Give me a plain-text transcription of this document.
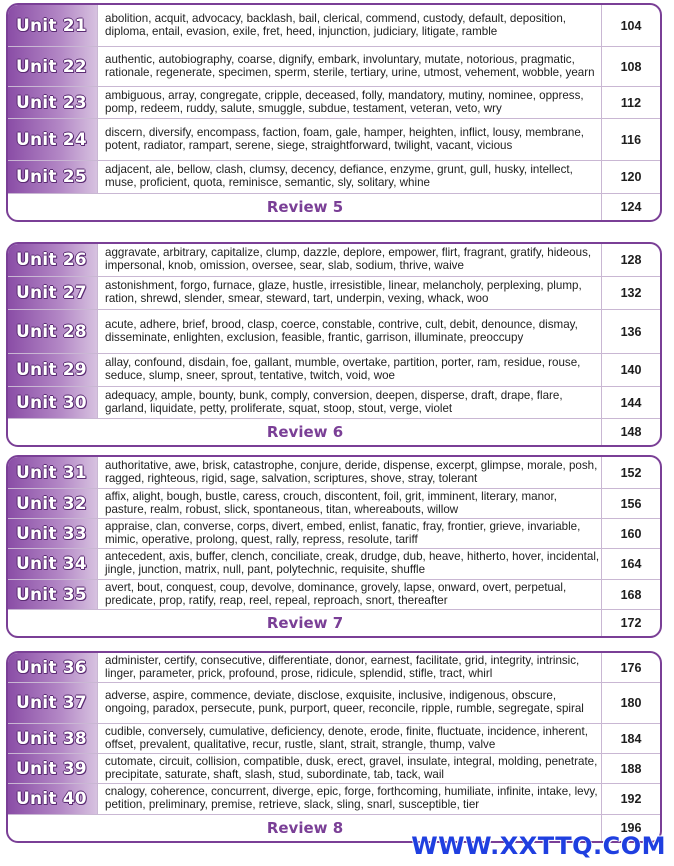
Unit 21 abolition, acquit, advocacy, backlash, bail, clerical, commend, custody, default, deposition, diploma, entail, evasion, exile, fret, heed, injunction, judiciary, litigate, ramble	104
Unit 22 authentic, autobiography, coarse, dignify, embark, involuntary, mutate, notorious, pragmatic, rationale, regenerate, specimen, sperm, sterile, tertiary, urine, utmost, vehement, wobble, yearn	108
Unit 23 ambiguous, array, congregate, cripple, deceased, folly, mandatory, mutiny, nominee, oppress, pomp, redeem, ruddy, salute, smuggle, subdue, testament, veteran, veto, wry	112
Unit 24 discern, diversify, encompass, faction, foam, gale, hamper, heighten, inflict, lousy, membrane, potent, radiator, rampart, serene, siege, straightforward, twilight, vacant, vicious	116
Unit 25 adjacent, ale, bellow, clash, clumsy, decency, defiance, enzyme, grunt, gull, husky, intellect, muse, proficient, quota, reminisce, semantic, sly, solitary, whine	120
Review 5	124
Unit 26 aggravate, arbitrary, capitalize, clump, dazzle, deplore, empower, flirt, fragrant, gratify, hideous, impersonal, knob, omission, oversee, sear, slab, sodium, thrive, waive	128
Unit 27 astonishment, forgo, furnace, glaze, hustle, irresistible, linear, melancholy, perplexing, plump, ration, shrewd, slender, smear, steward, tart, underpin, vexing, whack, woo	132
Unit 28 acute, adhere, brief, brood, clasp, coerce, constable, contrive, cult, debit, denounce, dismay, disseminate, enlighten, exclusion, feasible, frantic, garrison, illuminate, preoccupy	136
Unit 29 allay, confound, disdain, foe, gallant, mumble, overtake, partition, porter, ram, residue, rouse, seduce, slump, sneer, sprout, tentative, twitch, void, woe	140
Unit 30 adequacy, ample, bounty, bunk, comply, conversion, deepen, disperse, draft, drape, flare, garland, liquidate, petty, proliferate, squat, stoop, stout, verge, violet	144
Review 6	148
Unit 31 authoritative, awe, brisk, catastrophe, conjure, deride, dispense, excerpt, glimpse, morale, posh, ragged, righteous, rigid, sage, salvation, scriptures, shove, stray, tolerant	152
Unit 32 affix, alight, bough, bustle, caress, crouch, discontent, foil, grit, imminent, literary, manor, pasture, realm, robust, slick, spontaneous, titan, whereabouts, willow	156
Unit 33 appraise, clan, converse, corps, divert, embed, enlist, fanatic, fray, frontier, grieve, invariable, mimic, operative, prolong, quest, rally, repress, resolute, tariff	160
Unit 34 antecedent, axis, buffer, clench, conciliate, creak, drudge, dub, heave, hitherto, hover, incidental, jingle, junction, matrix, null, pant, polytechnic, requisite, shuffle	164
Unit 35 avert, bout, conquest, coup, devolve, dominance, grovely, lapse, onward, overt, perpetual, predicate, prop, ratify, reap, reel, repeal, reproach, snort, thereafter	168
Review 7	172
Unit 36 administer, certify, consecutive, differentiate, donor, earnest, facilitate, grid, integrity, intrinsic, linger, parameter, prick, profound, prose, ridicule, splendid, stifle, tract, whirl	176
Unit 37 adverse, aspire, commence, deviate, disclose, exquisite, inclusive, indigenous, obscure, ongoing, paradox, persecute, punk, purport, queer, reconcile, ripple, rumble, segregate, spiral	180
Unit 38 cudible, conversely, cumulative, deficiency, denote, erode, finite, fluctuate, incidence, inherent, offset, prevalent, qualitative, recur, rustle, slant, strait, strangle, thump, valve	184
Unit 39 cutomate, circuit, collision, compatible, dusk, erect, gravel, insulate, integral, molding, penetrate, precipitate, saturate, shaft, slash, stud, subordinate, tab, tack, wail	188
Unit 40 cnalogy, coherence, concurrent, diverge, epic, forge, forthcoming, humiliate, infinite, intake, levy, petition, preliminary, premise, retrieve, slack, sling, snarl, susceptible, tier	192
Review 8	196
WWW.XXTTQ.COM
